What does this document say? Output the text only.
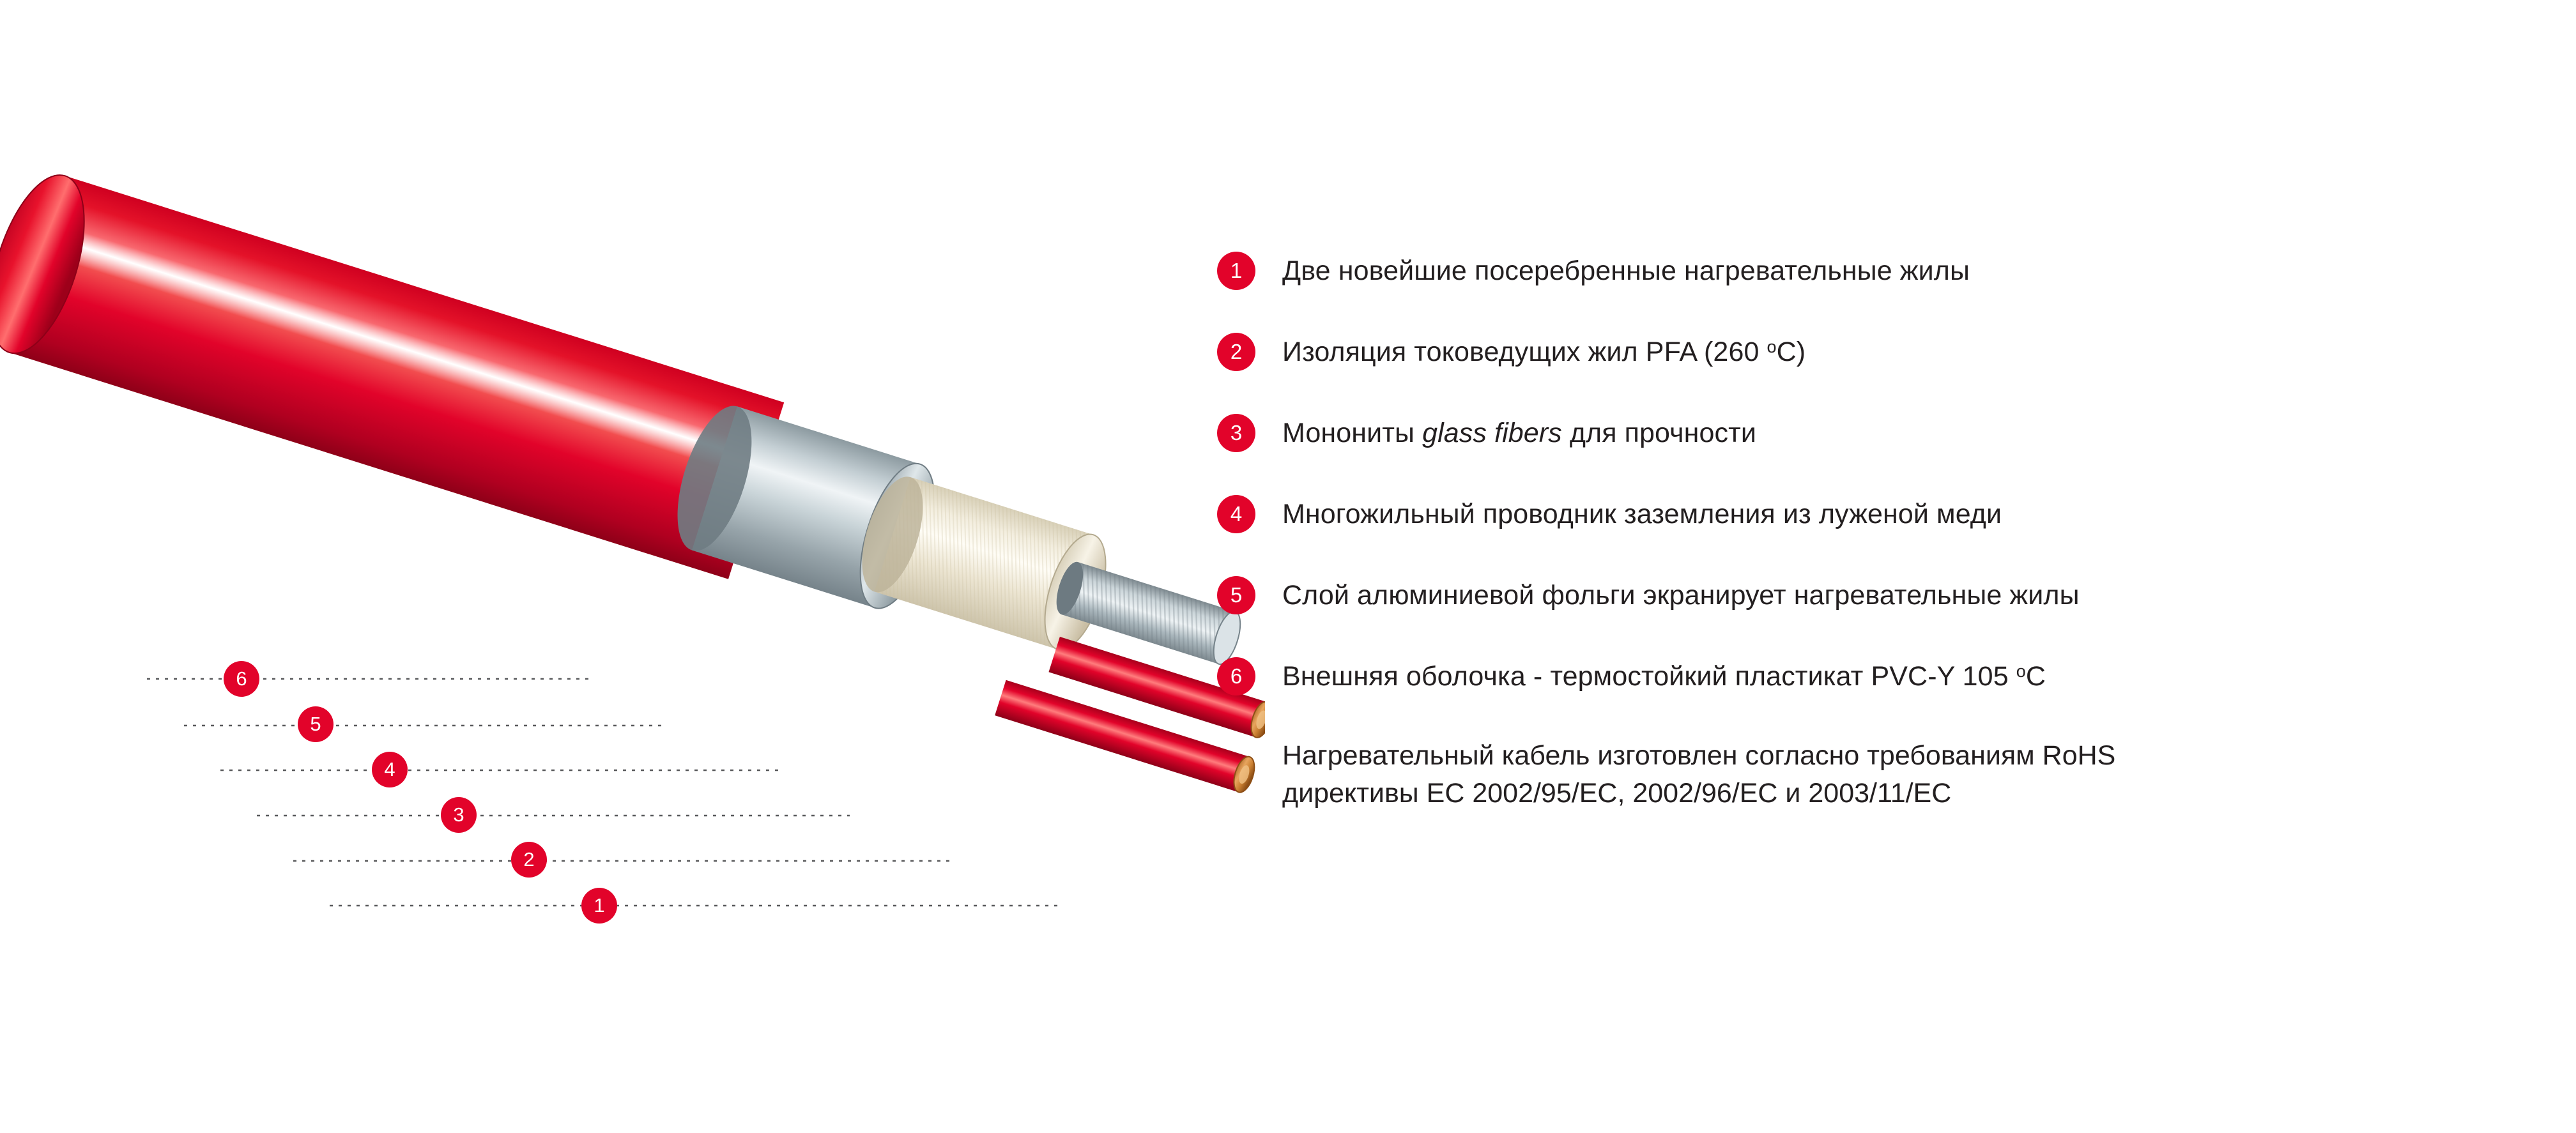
6
5
4
3
2
1
1	Две новейшие посеребренные нагревательные жилы
2	Изоляция токоведущих жил PFA (260 $^o$С)
3	Монониты glass fibers для прочности
4	Многожильный проводник заземления из луженой меди
5	Слой алюминиевой фольги экранирует нагревательные жилы
6	Внешняя оболочка - термостойкий пластикат PVC-Y 105 $^o$С
Нагревательный кабель изготовлен согласно требованиям RoHS
директивы ЕС 2002/95/ЕС, 2002/96/ЕС и 2003/11/ЕС
